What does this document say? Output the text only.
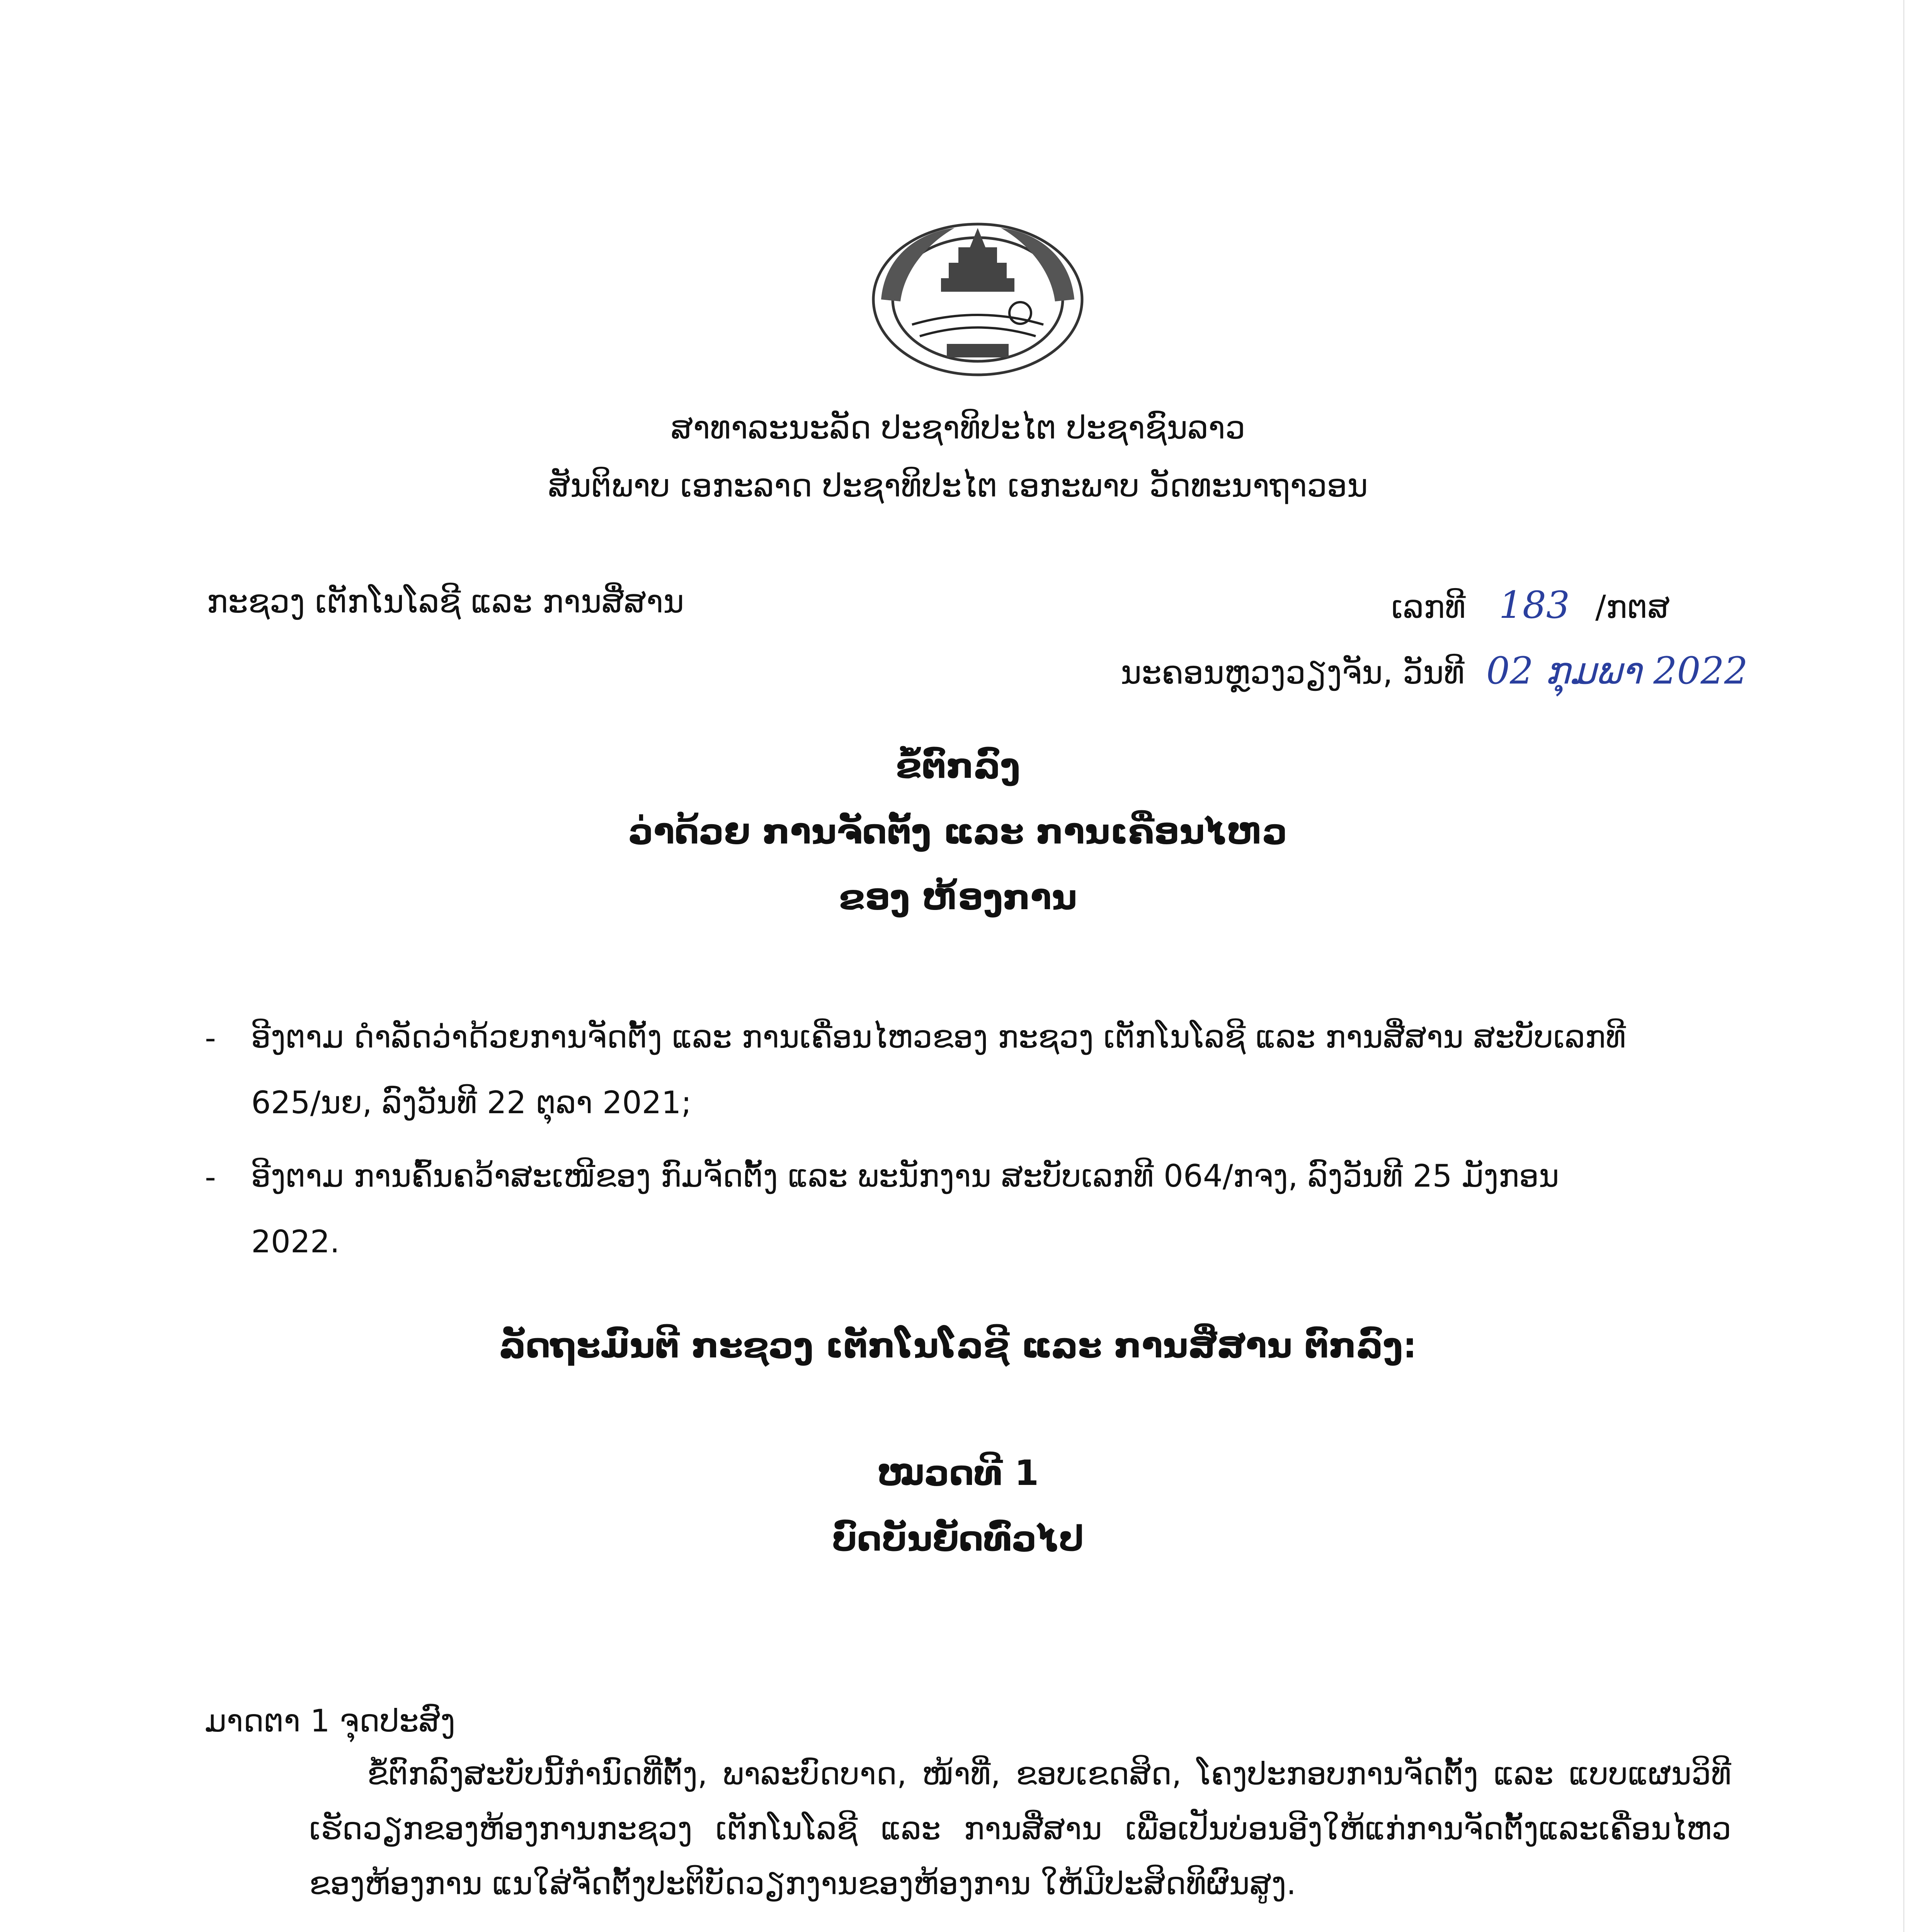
ສາທາລະນະລັດ ປະຊາທິປະໄຕ ປະຊາຊົນລາວ
ສັນຕິພາບ ເອກະລາດ ປະຊາທິປະໄຕ ເອກະພາບ ວັດທະນາຖາວອນ
ກະຊວງ ເຕັກໂນໂລຊີ ແລະ ການສື່ສານ	ເລກທີ 183 /ກຕສ
ນະຄອນຫຼວງວຽງຈັນ, ວັນທີ 02 ກຸມພາ 2022
ຂໍ້ຕົກລົງ
ວ່າດ້ວຍ ການຈັດຕັ້ງ ແລະ ການເຄື່ອນໄຫວ
ຂອງ ຫ້ອງການ
- ອີງຕາມ ດຳລັດວ່າດ້ວຍການຈັດຕັ້ງ ແລະ ການເຄື່ອນໄຫວຂອງ ກະຊວງ ເຕັກໂນໂລຊີ ແລະ ການສື່ສານ ສະບັບເລກທີ
625/ນຍ, ລົງວັນທີ 22 ຕຸລາ 2021;
- ອີງຕາມ ການຄົ້ນຄວ້າສະເໜີຂອງ ກົມຈັດຕັ້ງ ແລະ ພະນັກງານ ສະບັບເລກທີ 064/ກຈງ, ລົງວັນທີ 25 ມັງກອນ
2022.
ລັດຖະມົນຕີ ກະຊວງ ເຕັກໂນໂລຊີ ແລະ ການສື່ສານ ຕົກລົງ:
ໝວດທີ 1
ບົດບັນຍັດທົ່ວໄປ
ມາດຕາ 1 ຈຸດປະສົງ
ຂໍ້ຕົກລົງສະບັບນີ້ກຳນົດທີ່ຕັ້ງ, ພາລະບົດບາດ, ໜ້າທີ່, ຂອບເຂດສິດ, ໂຄງປະກອບການຈັດຕັ້ງ ແລະ ແບບແຜນວິທີເຮັດວຽກຂອງຫ້ອງການກະຊວງ ເຕັກໂນໂລຊີ ແລະ ການສື່ສານ ເພື່ອເປັນບ່ອນອີງໃຫ້ແກ່ການຈັດຕັ້ງແລະເຄື່ອນໄຫວຂອງຫ້ອງການ ແນໃສ່ຈັດຕັ້ງປະຕິບັດວຽກງານຂອງຫ້ອງການ ໃຫ້ມີປະສິດທິຜົນສູງ.
